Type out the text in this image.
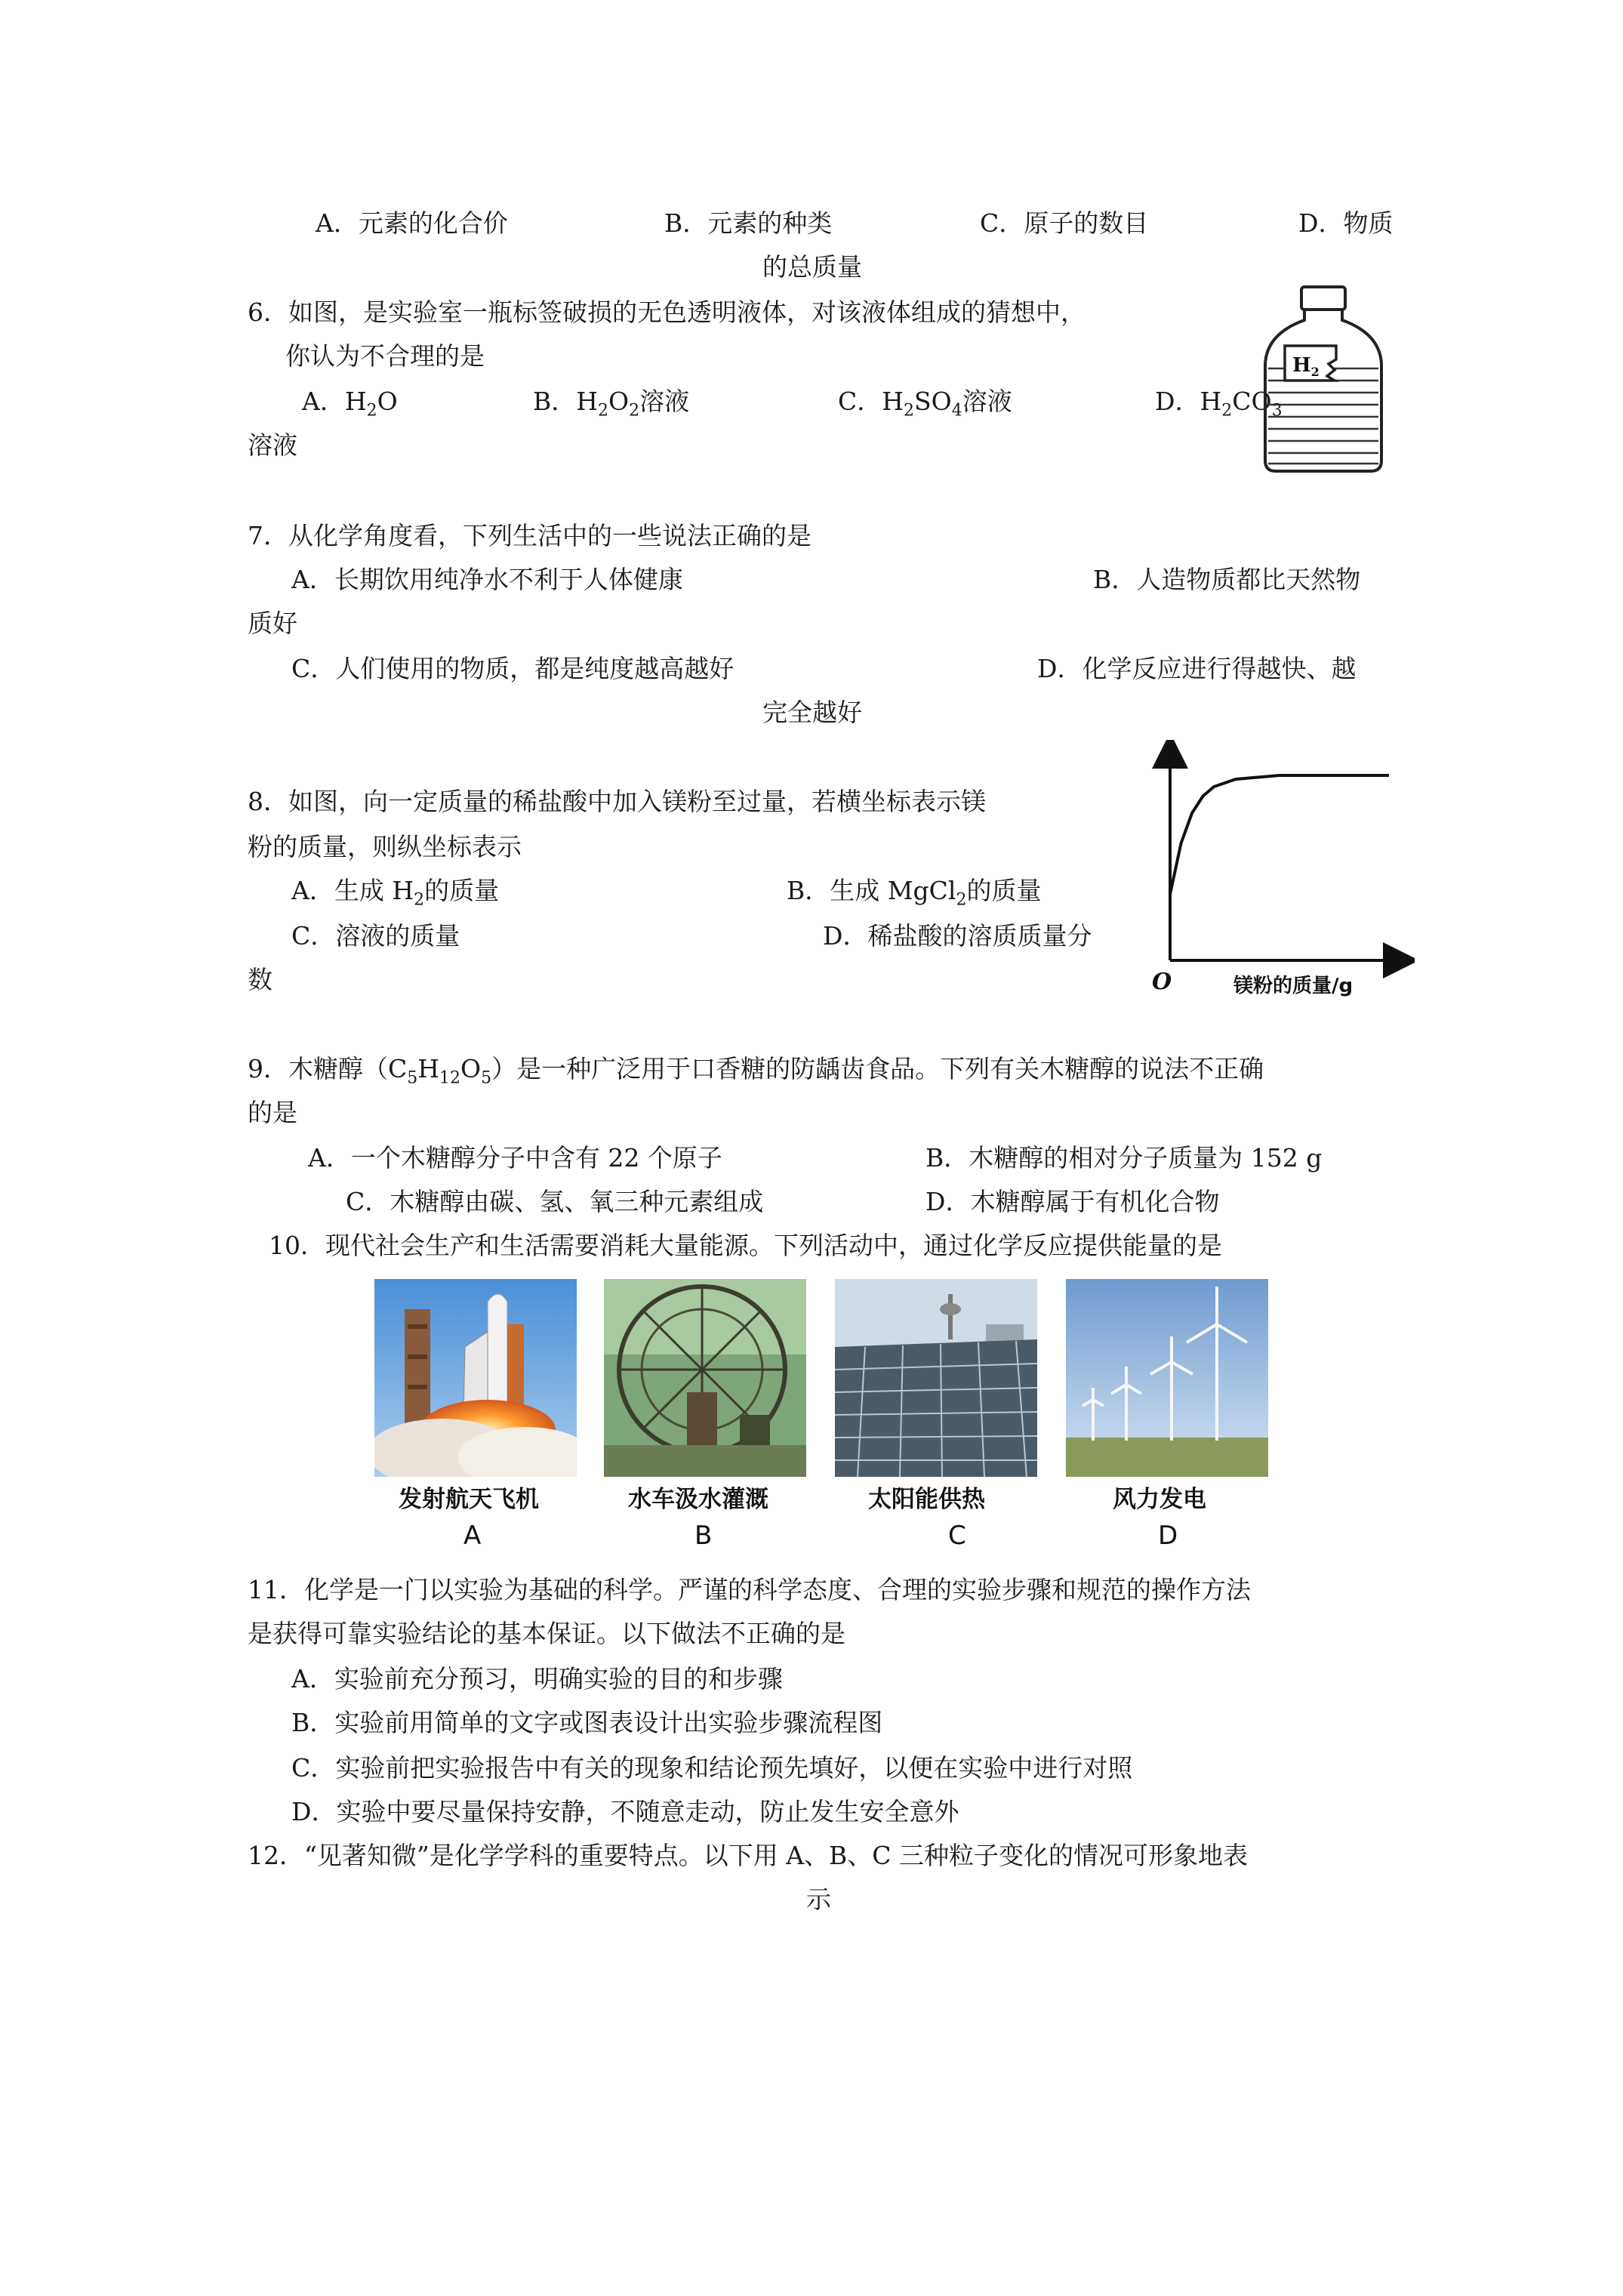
A．元素的化合价	B．元素的种类	C．原子的数目	D．物质
的总质量
6．如图，是实验室一瓶标签破损的无色透明液体，对该液体组成的猜想中，
你认为不合理的是
A．$H_2O$	B．$H_2O_2$溶液	C．$H_2SO_4$溶液	D．$H_2CO_3$
溶液
$H_2$
7．从化学角度看，下列生活中的一些说法正确的是
A．长期饮用纯净水不利于人体健康	B．人造物质都比天然物
质好
C．人们使用的物质，都是纯度越高越好	D．化学反应进行得越快、越
完全越好
8．如图，向一定质量的稀盐酸中加入镁粉至过量，若横坐标表示镁
粉的质量，则纵坐标表示
A．生成 $H_2$的质量	B．生成 MgCl$_2$的质量
C．溶液的质量	D．稀盐酸的溶质质量分
数	O	镁粉的质量/g
9．木糖醇$(C_5H_{12}O_5)$是一种广泛用于口香糖的防龋齿食品。下列有关木糖醇的说法不正确
的是
A．一个木糖醇分子中含有 22 个原子	B．木糖醇的相对分子质量为 152 g
C．木糖醇由碳、氢、氧三种元素组成	D．木糖醇属于有机化合物
10．现代社会生产和生活需要消耗大量能源。下列活动中，通过化学反应提供能量的是
发射航天飞机	水车汲水灌溉	太阳能供热	风力发电
A	B	C	D
11．化学是一门以实验为基础的科学。严谨的科学态度、合理的实验步骤和规范的操作方法
是获得可靠实验结论的基本保证。以下做法不正确的是
A．实验前充分预习，明确实验的目的和步骤
B．实验前用简单的文字或图表设计出实验步骤流程图
C．实验前把实验报告中有关的现象和结论预先填好，以便在实验中进行对照
D．实验中要尽量保持安静，不随意走动，防止发生安全意外
12．“见著知微”是化学学科的重要特点。以下用 A、B、C 三种粒子变化的情况可形象地表
示
